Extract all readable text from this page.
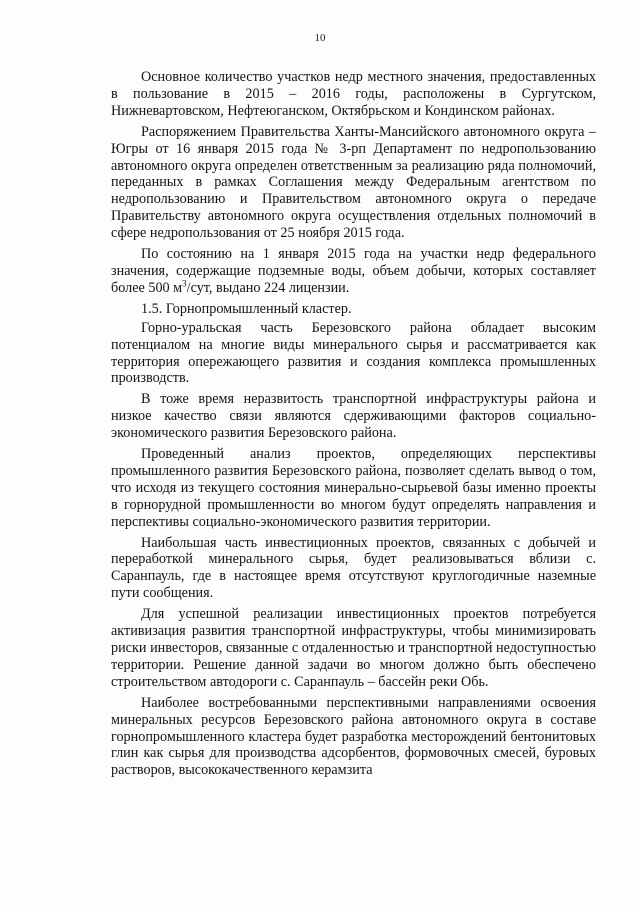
10

Основное количество участков недр местного значения, предоставленных в пользование в 2015 – 2016 годы, расположены в Сургутском, Нижневартовском, Нефтеюганском, Октябрьском и Кондинском районах.

Распоряжением Правительства Ханты-Мансийского автономного округа – Югры от 16 января 2015 года № 3-рп Департамент по недропользованию автономного округа определен ответственным за реализацию ряда полномочий, переданных в рамках Соглашения между Федеральным агентством по недропользованию и Правительством автономного округа о передаче Правительству автономного округа осуществления отдельных полномочий в сфере недропользования от 25 ноября 2015 года.

По состоянию на 1 января 2015 года на участки недр федерального значения, содержащие подземные воды, объем добычи, которых составляет более 500 $м^3$/сут, выдано 224 лицензии.

1.5. Горнопромышленный кластер.

Горно-уральская часть Березовского района обладает высоким потенциалом на многие виды минерального сырья и рассматривается как территория опережающего развития и создания комплекса промышленных производств.

В тоже время неразвитость транспортной инфраструктуры района и низкое качество связи являются сдерживающими факторов социально-экономического развития Березовского района.

Проведенный анализ проектов, определяющих перспективы промышленного развития Березовского района, позволяет сделать вывод о том, что исходя из текущего состояния минерально-сырьевой базы именно проекты в горнорудной промышленности во многом будут определять направления и перспективы социально-экономического развития территории.

Наибольшая часть инвестиционных проектов, связанных с добычей и переработкой минерального сырья, будет реализовываться вблизи с. Саранпауль, где в настоящее время отсутствуют круглогодичные наземные пути сообщения.

Для успешной реализации инвестиционных проектов потребуется активизация развития транспортной инфраструктуры, чтобы минимизировать риски инвесторов, связанные с отдаленностью и транспортной недоступностью территории. Решение данной задачи во многом должно быть обеспечено строительством автодороги с. Саранпауль – бассейн реки Обь.

Наиболее востребованными перспективными направлениями освоения минеральных ресурсов Березовского района автономного округа в составе горнопромышленного кластера будет разработка месторождений бентонитовых глин как сырья для производства адсорбентов, формовочных смесей, буровых растворов, высококачественного керамзита
